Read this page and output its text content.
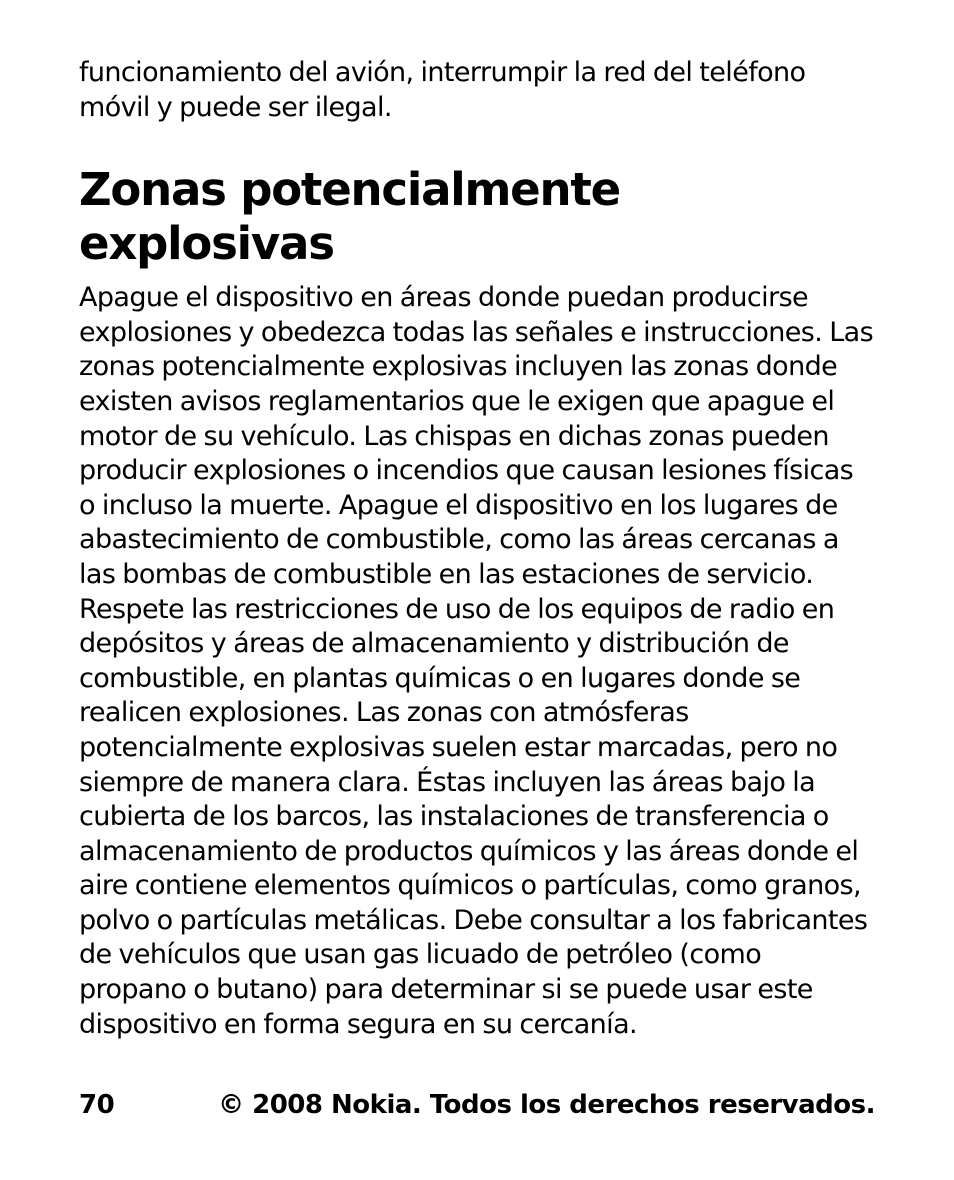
funcionamiento del avión, interrumpir la red del teléfono móvil y puede ser ilegal.

Zonas potencialmente explosivas

Apague el dispositivo en áreas donde puedan producirse explosiones y obedezca todas las señales e instrucciones. Las zonas potencialmente explosivas incluyen las zonas donde existen avisos reglamentarios que le exigen que apague el motor de su vehículo. Las chispas en dichas zonas pueden producir explosiones o incendios que causan lesiones físicas o incluso la muerte. Apague el dispositivo en los lugares de abastecimiento de combustible, como las áreas cercanas a las bombas de combustible en las estaciones de servicio. Respete las restricciones de uso de los equipos de radio en depósitos y áreas de almacenamiento y distribución de combustible, en plantas químicas o en lugares donde se realicen explosiones. Las zonas con atmósferas potencialmente explosivas suelen estar marcadas, pero no siempre de manera clara. Éstas incluyen las áreas bajo la cubierta de los barcos, las instalaciones de transferencia o almacenamiento de productos químicos y las áreas donde el aire contiene elementos químicos o partículas, como granos, polvo o partículas metálicas. Debe consultar a los fabricantes de vehículos que usan gas licuado de petróleo (como propano o butano) para determinar si se puede usar este dispositivo en forma segura en su cercanía.

70	© 2008 Nokia. Todos los derechos reservados.
